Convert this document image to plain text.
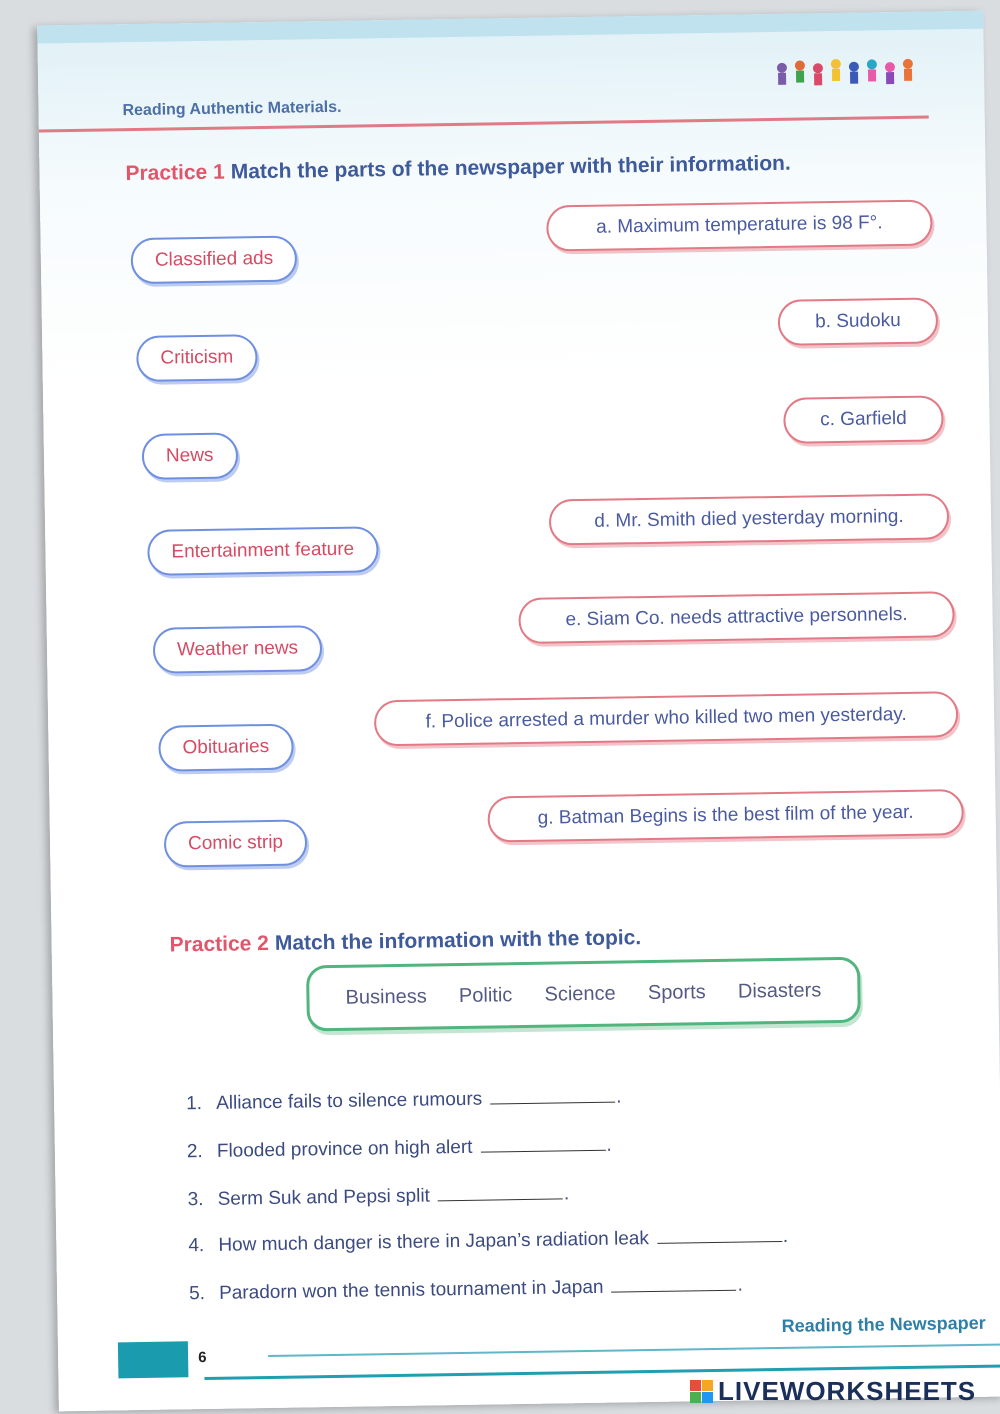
Reading Authentic Materials.
Practice 1 Match the parts of the newspaper with their information.
Classified ads
Criticism
News
Entertainment feature
Weather news
Obituaries
Comic strip
a. Maximum temperature is 98 F°.
b. Sudoku
c. Garfield
d. Mr. Smith died yesterday morning.
e. Siam Co. needs attractive personnels.
f. Police arrested a murder who killed two men yesterday.
g. Batman Begins is the best film of the year.
Practice 2 Match the information with the topic.
Business Politic Science Sports Disasters
1. Alliance fails to silence rumours	.
2. Flooded province on high alert	.
3. Serm Suk and Pepsi split	.
4. How much danger is there in Japan’s radiation leak	.
5. Paradorn won the tennis tournament in Japan	.
Reading the Newspaper
6
LIVEWORKSHEETS
